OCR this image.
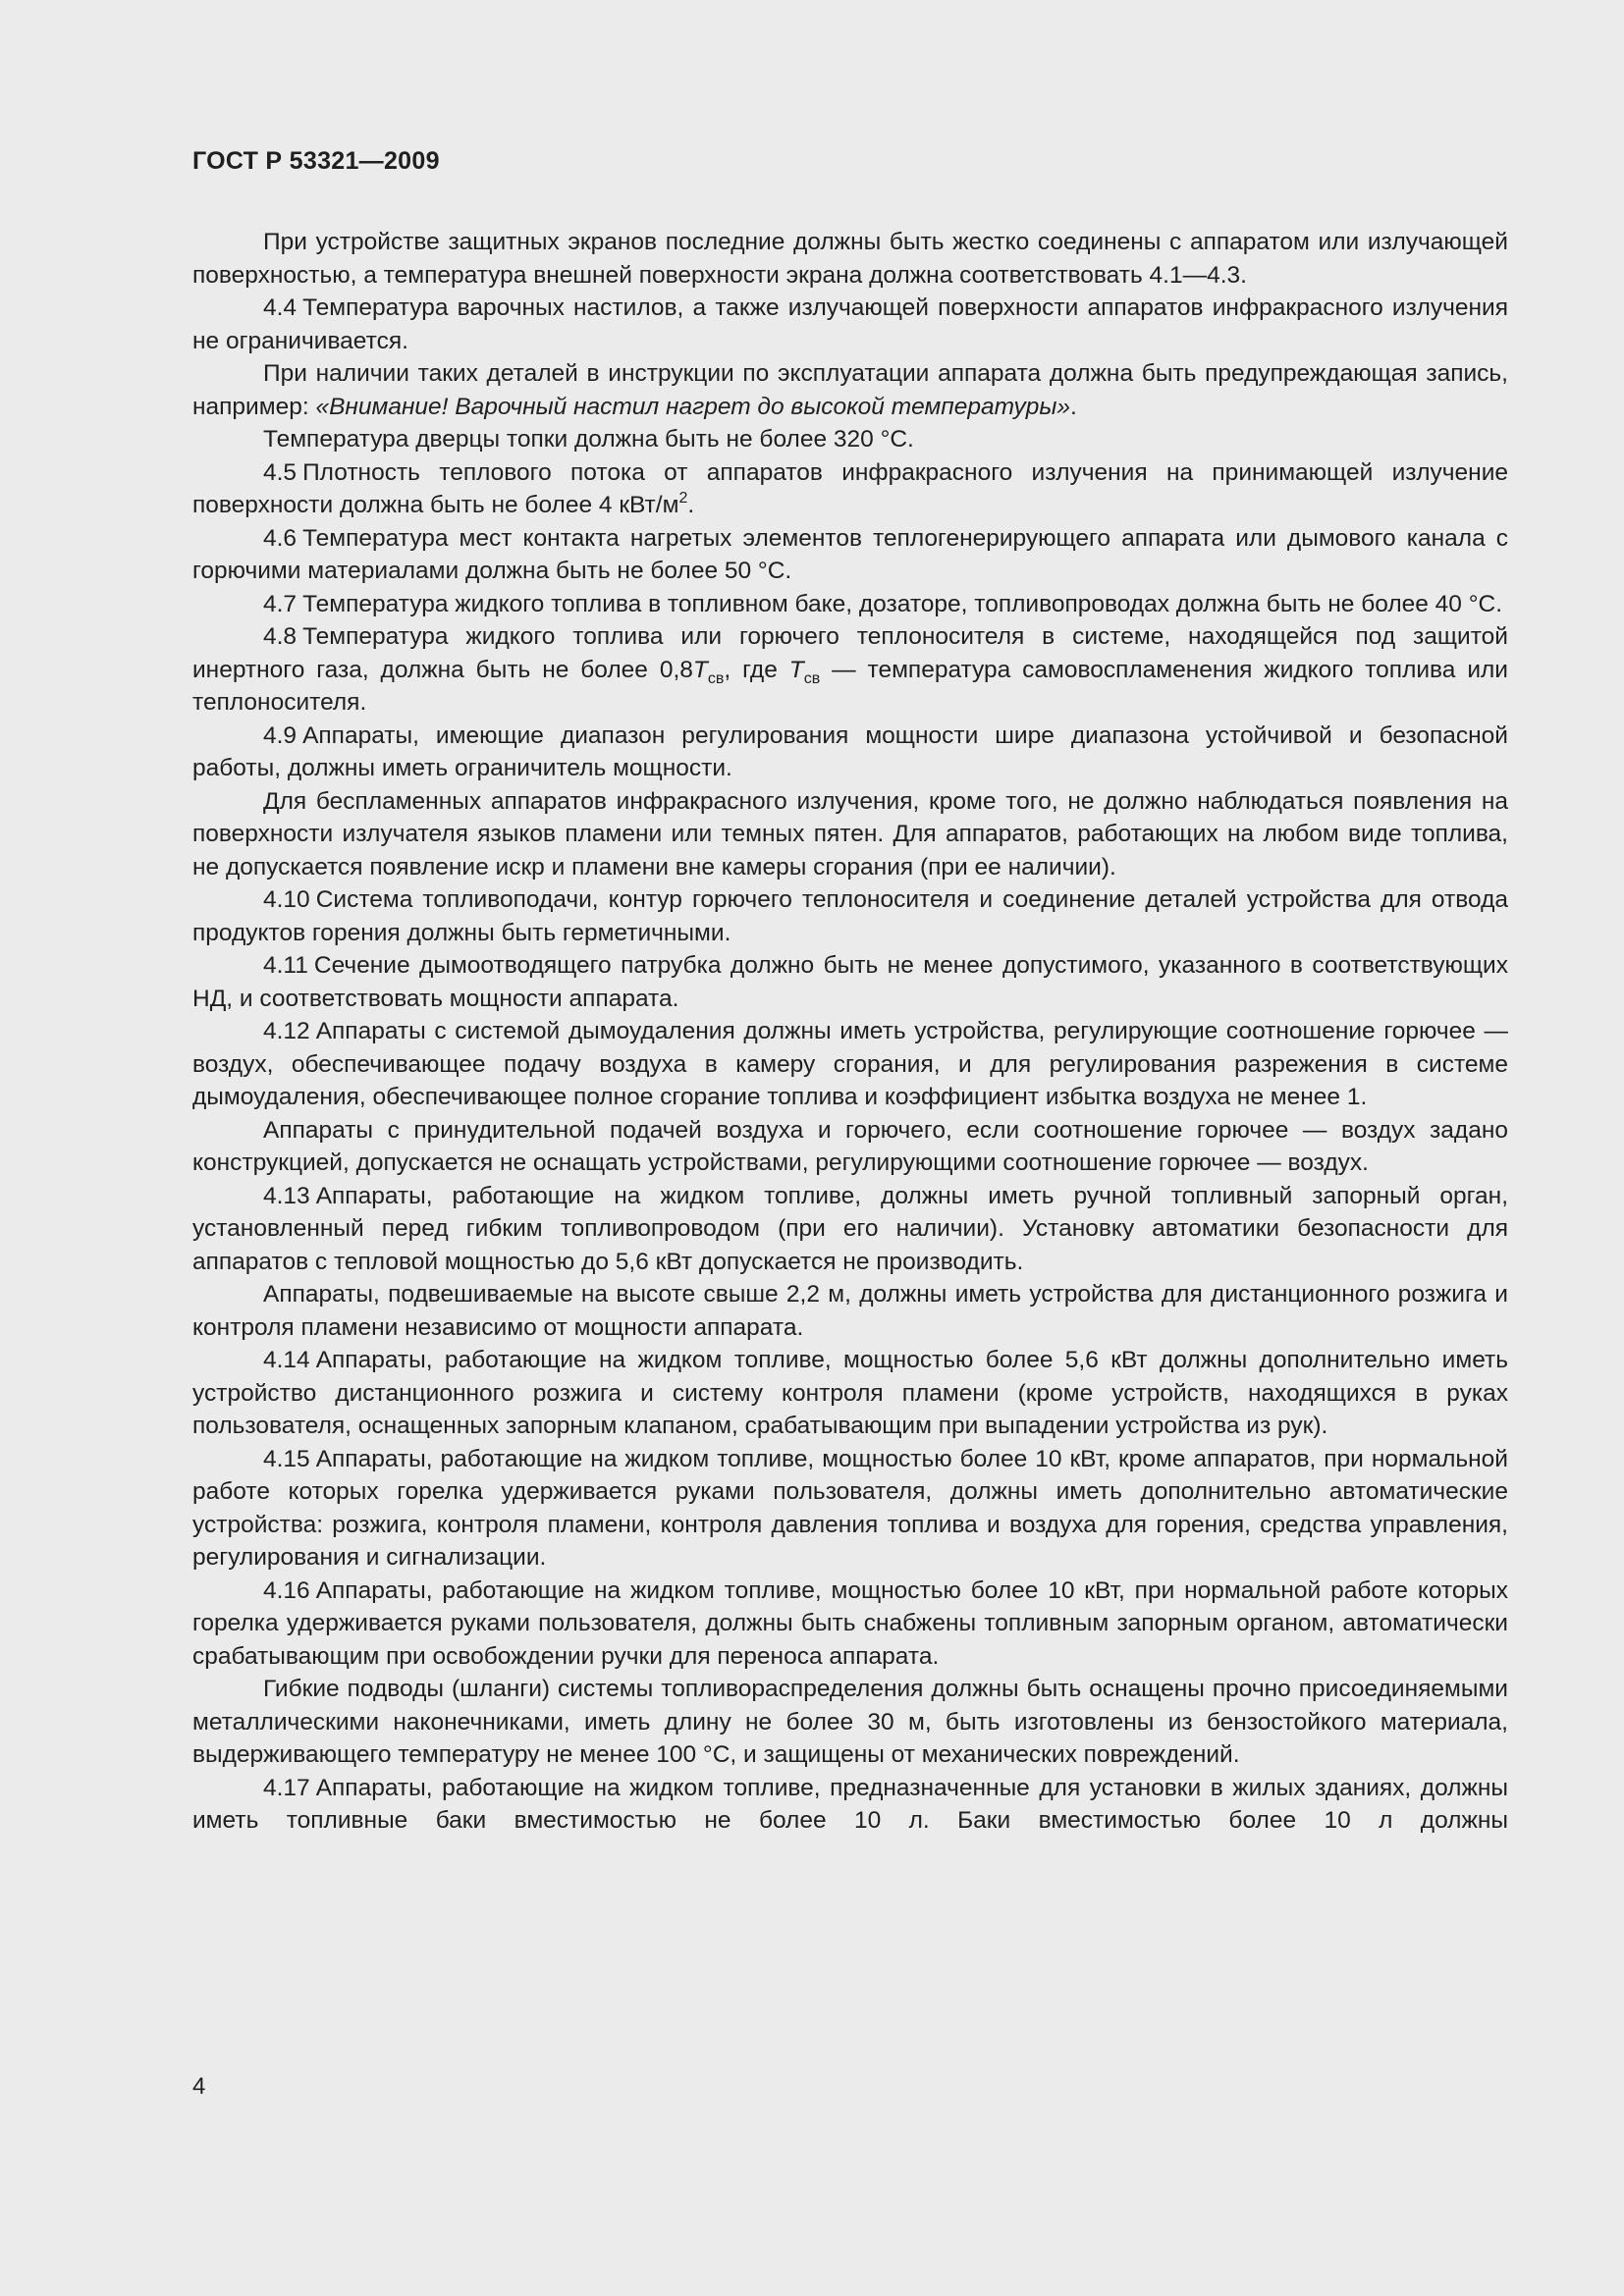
ГОСТ Р 53321—2009

При устройстве защитных экранов последние должны быть жестко соединены с аппаратом или излучающей поверхностью, а температура внешней поверхности экрана должна соответствовать 4.1—4.3.

4.4 Температура варочных настилов, а также излучающей поверхности аппаратов инфракрасного излучения не ограничивается.

При наличии таких деталей в инструкции по эксплуатации аппарата должна быть предупреждающая запись, например: «Внимание! Варочный настил нагрет до высокой температуры».

Температура дверцы топки должна быть не более 320 °С.

4.5 Плотность теплового потока от аппаратов инфракрасного излучения на принимающей излучение поверхности должна быть не более 4 кВт/$м^2$.

4.6 Температура мест контакта нагретых элементов теплогенерирующего аппарата или дымового канала с горючими материалами должна быть не более 50 °С.

4.7 Температура жидкого топлива в топливном баке, дозаторе, топливопроводах должна быть не более 40 °С.

4.8 Температура жидкого топлива или горючего теплоносителя в системе, находящейся под защитой инертного газа, должна быть не более $0,8T_{св}$, где $T_{св}$ — температура самовоспламенения жидкого топлива или теплоносителя.

4.9 Аппараты, имеющие диапазон регулирования мощности шире диапазона устойчивой и безопасной работы, должны иметь ограничитель мощности.

Для беспламенных аппаратов инфракрасного излучения, кроме того, не должно наблюдаться появления на поверхности излучателя языков пламени или темных пятен. Для аппаратов, работающих на любом виде топлива, не допускается появление искр и пламени вне камеры сгорания (при ее наличии).

4.10 Система топливоподачи, контур горючего теплоносителя и соединение деталей устройства для отвода продуктов горения должны быть герметичными.

4.11 Сечение дымоотводящего патрубка должно быть не менее допустимого, указанного в соответствующих НД, и соответствовать мощности аппарата.

4.12 Аппараты с системой дымоудаления должны иметь устройства, регулирующие соотношение горючее — воздух, обеспечивающее подачу воздуха в камеру сгорания, и для регулирования разрежения в системе дымоудаления, обеспечивающее полное сгорание топлива и коэффициент избытка воздуха не менее 1.

Аппараты с принудительной подачей воздуха и горючего, если соотношение горючее — воздух задано конструкцией, допускается не оснащать устройствами, регулирующими соотношение горючее — воздух.

4.13 Аппараты, работающие на жидком топливе, должны иметь ручной топливный запорный орган, установленный перед гибким топливопроводом (при его наличии). Установку автоматики безопасности для аппаратов с тепловой мощностью до 5,6 кВт допускается не производить.

Аппараты, подвешиваемые на высоте свыше 2,2 м, должны иметь устройства для дистанционного розжига и контроля пламени независимо от мощности аппарата.

4.14 Аппараты, работающие на жидком топливе, мощностью более 5,6 кВт должны дополнительно иметь устройство дистанционного розжига и систему контроля пламени (кроме устройств, находящихся в руках пользователя, оснащенных запорным клапаном, срабатывающим при выпадении устройства из рук).

4.15 Аппараты, работающие на жидком топливе, мощностью более 10 кВт, кроме аппаратов, при нормальной работе которых горелка удерживается руками пользователя, должны иметь дополнительно автоматические устройства: розжига, контроля пламени, контроля давления топлива и воздуха для горения, средства управления, регулирования и сигнализации.

4.16 Аппараты, работающие на жидком топливе, мощностью более 10 кВт, при нормальной работе которых горелка удерживается руками пользователя, должны быть снабжены топливным запорным органом, автоматически срабатывающим при освобождении ручки для переноса аппарата.

Гибкие подводы (шланги) системы топливораспределения должны быть оснащены прочно присоединяемыми металлическими наконечниками, иметь длину не более 30 м, быть изготовлены из бензостойкого материала, выдерживающего температуру не менее 100 °С, и защищены от механических повреждений.

4.17 Аппараты, работающие на жидком топливе, предназначенные для установки в жилых зданиях, должны иметь топливные баки вместимостью не более 10 л. Баки вместимостью более 10 л должны

4
